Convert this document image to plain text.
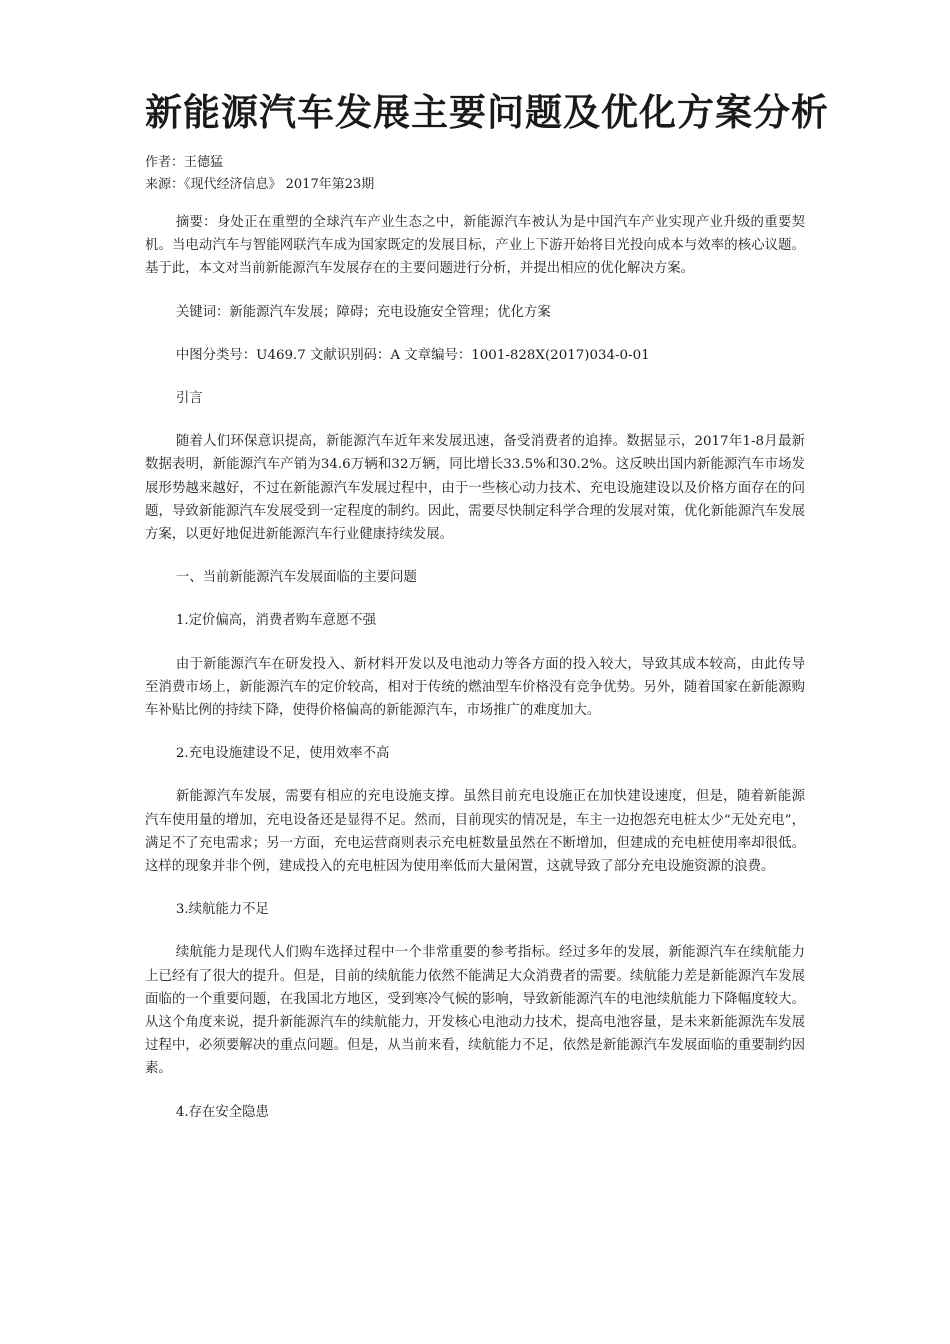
新能源汽车发展主要问题及优化方案分析
作者：王德猛
来源：《现代经济信息》 2017年第23期

摘要：身处正在重塑的全球汽车产业生态之中，新能源汽车被认为是中国汽车产业实现产业升级的重要契机。当电动汽车与智能网联汽车成为国家既定的发展目标，产业上下游开始将目光投向成本与效率的核心议题。基于此，本文对当前新能源汽车发展存在的主要问题进行分析，并提出相应的优化解决方案。

关键词：新能源汽车发展；障碍；充电设施安全管理；优化方案

中图分类号：U469.7 文献识别码：A 文章编号：1001-828X(2017)034-0-01

引言

随着人们环保意识提高，新能源汽车近年来发展迅速，备受消费者的追捧。数据显示，2017年1-8月最新数据表明，新能源汽车产销为34.6万辆和32万辆，同比增长33.5%和30.2%。这反映出国内新能源汽车市场发展形势越来越好，不过在新能源汽车发展过程中，由于一些核心动力技术、充电设施建设以及价格方面存在的问题，导致新能源汽车发展受到一定程度的制约。因此，需要尽快制定科学合理的发展对策，优化新能源汽车发展方案，以更好地促进新能源汽车行业健康持续发展。

一、当前新能源汽车发展面临的主要问题

1.定价偏高，消费者购车意愿不强

由于新能源汽车在研发投入、新材料开发以及电池动力等各方面的投入较大，导致其成本较高，由此传导至消费市场上，新能源汽车的定价较高，相对于传统的燃油型车价格没有竞争优势。另外，随着国家在新能源购车补贴比例的持续下降，使得价格偏高的新能源汽车，市场推广的难度加大。

2.充电设施建设不足，使用效率不高

新能源汽车发展，需要有相应的充电设施支撑。虽然目前充电设施正在加快建设速度，但是，随着新能源汽车使用量的增加，充电设备还是显得不足。然而，目前现实的情况是，车主一边抱怨充电桩太少“无处充电”，满足不了充电需求；另一方面，充电运营商则表示充电桩数量虽然在不断增加，但建成的充电桩使用率却很低。这样的现象并非个例，建成投入的充电桩因为使用率低而大量闲置，这就导致了部分充电设施资源的浪费。

3.续航能力不足

续航能力是现代人们购车选择过程中一个非常重要的参考指标。经过多年的发展，新能源汽车在续航能力上已经有了很大的提升。但是，目前的续航能力依然不能满足大众消费者的需要。续航能力差是新能源汽车发展面临的一个重要问题，在我国北方地区，受到寒冷气候的影响，导致新能源汽车的电池续航能力下降幅度较大。从这个角度来说，提升新能源汽车的续航能力，开发核心电池动力技术，提高电池容量，是未来新能源洗车发展过程中，必须要解决的重点问题。但是，从当前来看，续航能力不足，依然是新能源汽车发展面临的重要制约因素。

4.存在安全隐患
